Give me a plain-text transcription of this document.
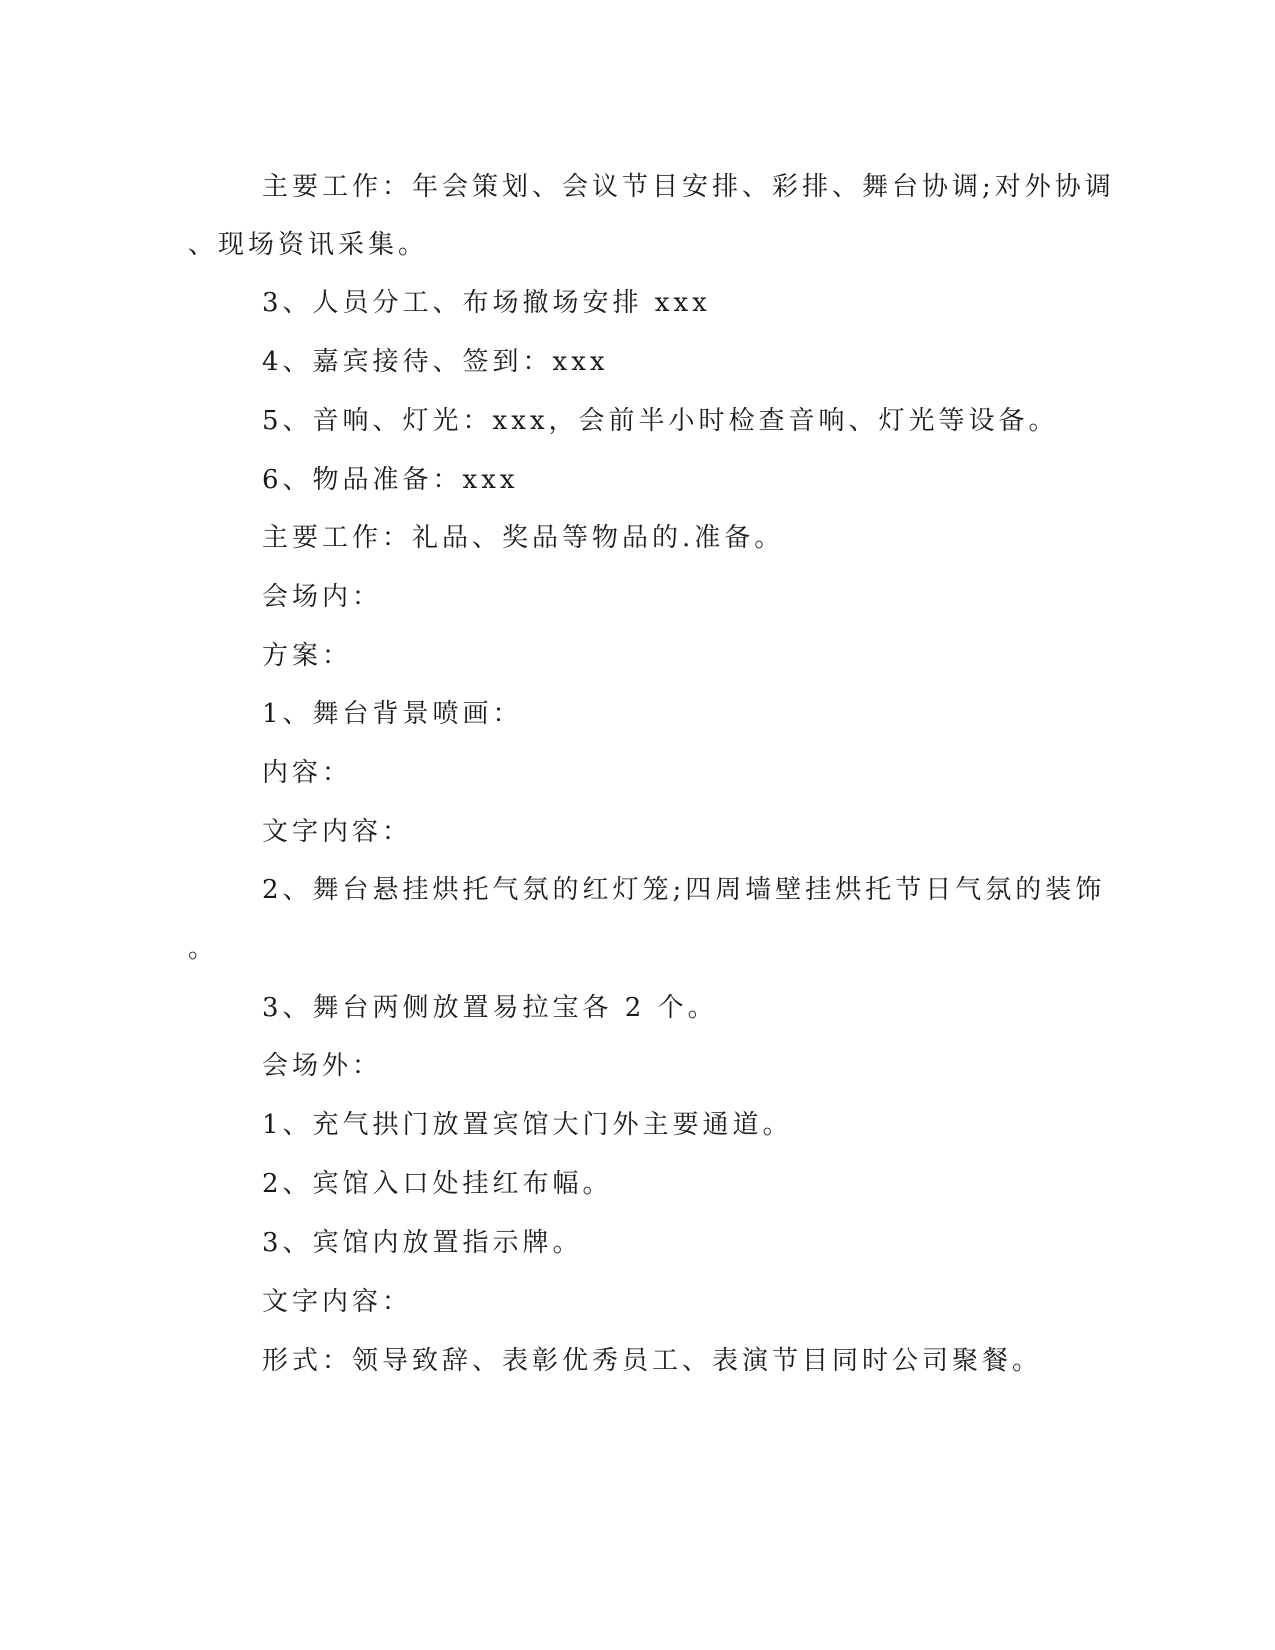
主要工作：年会策划、会议节目安排、彩排、舞台协调;对外协调

、现场资讯采集。

3、人员分工、布场撤场安排 xxx

4、嘉宾接待、签到：xxx

5、音响、灯光：xxx，会前半小时检查音响、灯光等设备。

6、物品准备：xxx

主要工作：礼品、奖品等物品的.准备。

会场内：

方案：

1、舞台背景喷画：

内容：

文字内容：

2、舞台悬挂烘托气氛的红灯笼;四周墙壁挂烘托节日气氛的装饰

。

3、舞台两侧放置易拉宝各 2 个。

会场外：

1、充气拱门放置宾馆大门外主要通道。

2、宾馆入口处挂红布幅。

3、宾馆内放置指示牌。

文字内容：

形式：领导致辞、表彰优秀员工、表演节目同时公司聚餐。
